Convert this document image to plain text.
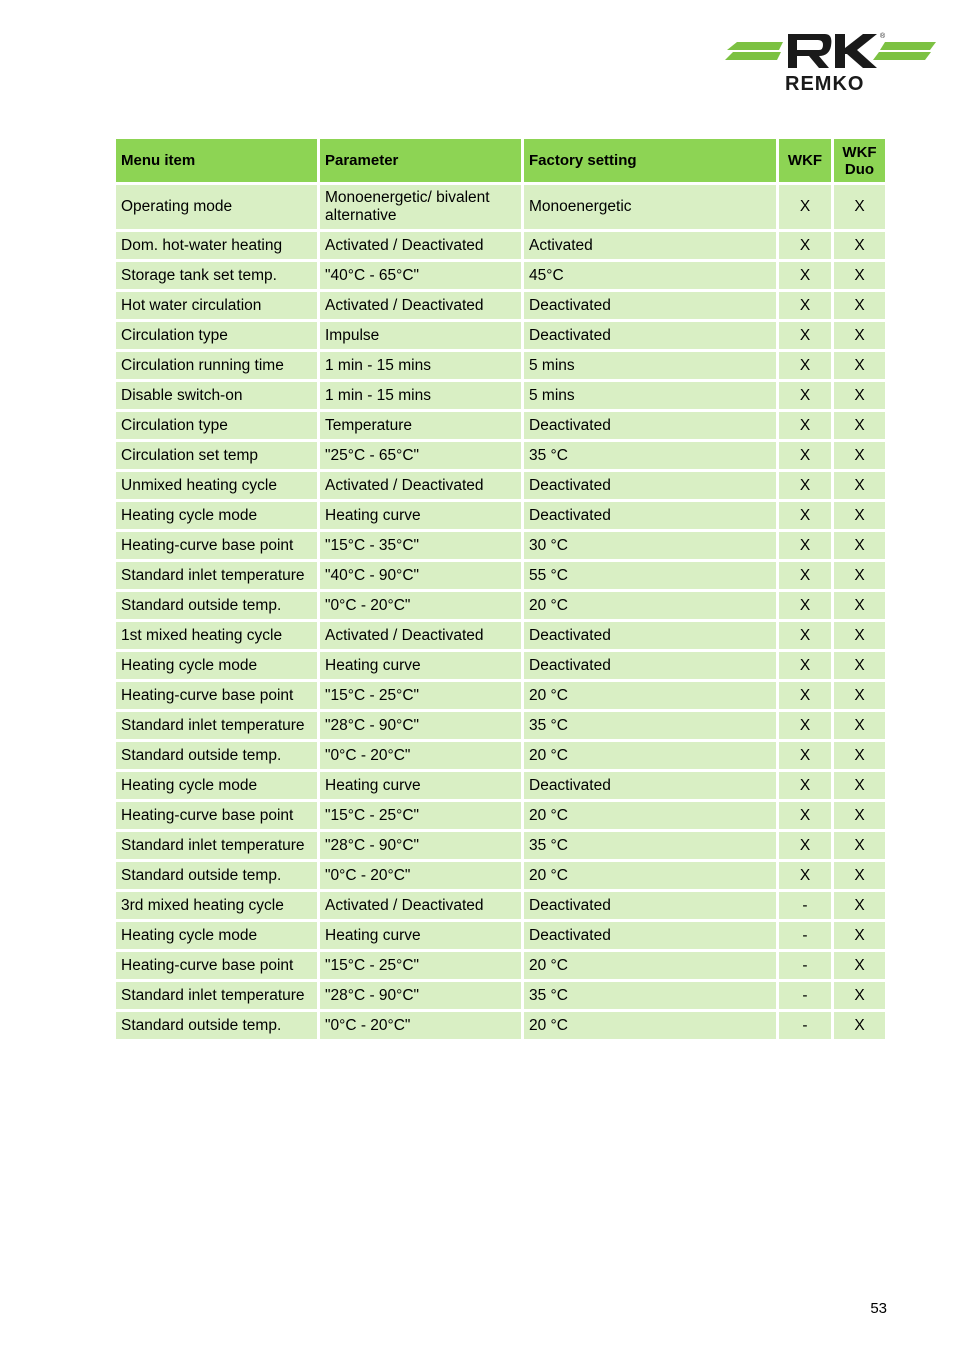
®
REMKO
Menu item	Parameter	Factory setting	WKF	WKF Duo
Operating mode	Monoenergetic/ bivalent alternative	Monoenergetic	X	X
Dom. hot-water heating	Activated / Deactivated	Activated	X	X
Storage tank set temp.	"40°C - 65°C"	45°C	X	X
Hot water circulation	Activated / Deactivated	Deactivated	X	X
Circulation type	Impulse	Deactivated	X	X
Circulation running time	1 min - 15 mins	5 mins	X	X
Disable switch-on	1 min - 15 mins	5 mins	X	X
Circulation type	Temperature	Deactivated	X	X
Circulation set temp	"25°C - 65°C"	35 °C	X	X
Unmixed heating cycle	Activated / Deactivated	Deactivated	X	X
Heating cycle mode	Heating curve	Deactivated	X	X
Heating-curve base point	"15°C - 35°C"	30 °C	X	X
Standard inlet temperature	"40°C - 90°C"	55 °C	X	X
Standard outside temp.	"0°C - 20°C"	20 °C	X	X
1st mixed heating cycle	Activated / Deactivated	Deactivated	X	X
Heating cycle mode	Heating curve	Deactivated	X	X
Heating-curve base point	"15°C - 25°C"	20 °C	X	X
Standard inlet temperature	"28°C - 90°C"	35 °C	X	X
Standard outside temp.	"0°C - 20°C"	20 °C	X	X
Heating cycle mode	Heating curve	Deactivated	X	X
Heating-curve base point	"15°C - 25°C"	20 °C	X	X
Standard inlet temperature	"28°C - 90°C"	35 °C	X	X
Standard outside temp.	"0°C - 20°C"	20 °C	X	X
3rd mixed heating cycle	Activated / Deactivated	Deactivated	-	X
Heating cycle mode	Heating curve	Deactivated	-	X
Heating-curve base point	"15°C - 25°C"	20 °C	-	X
Standard inlet temperature	"28°C - 90°C"	35 °C	-	X
Standard outside temp.	"0°C - 20°C"	20 °C	-	X
53
